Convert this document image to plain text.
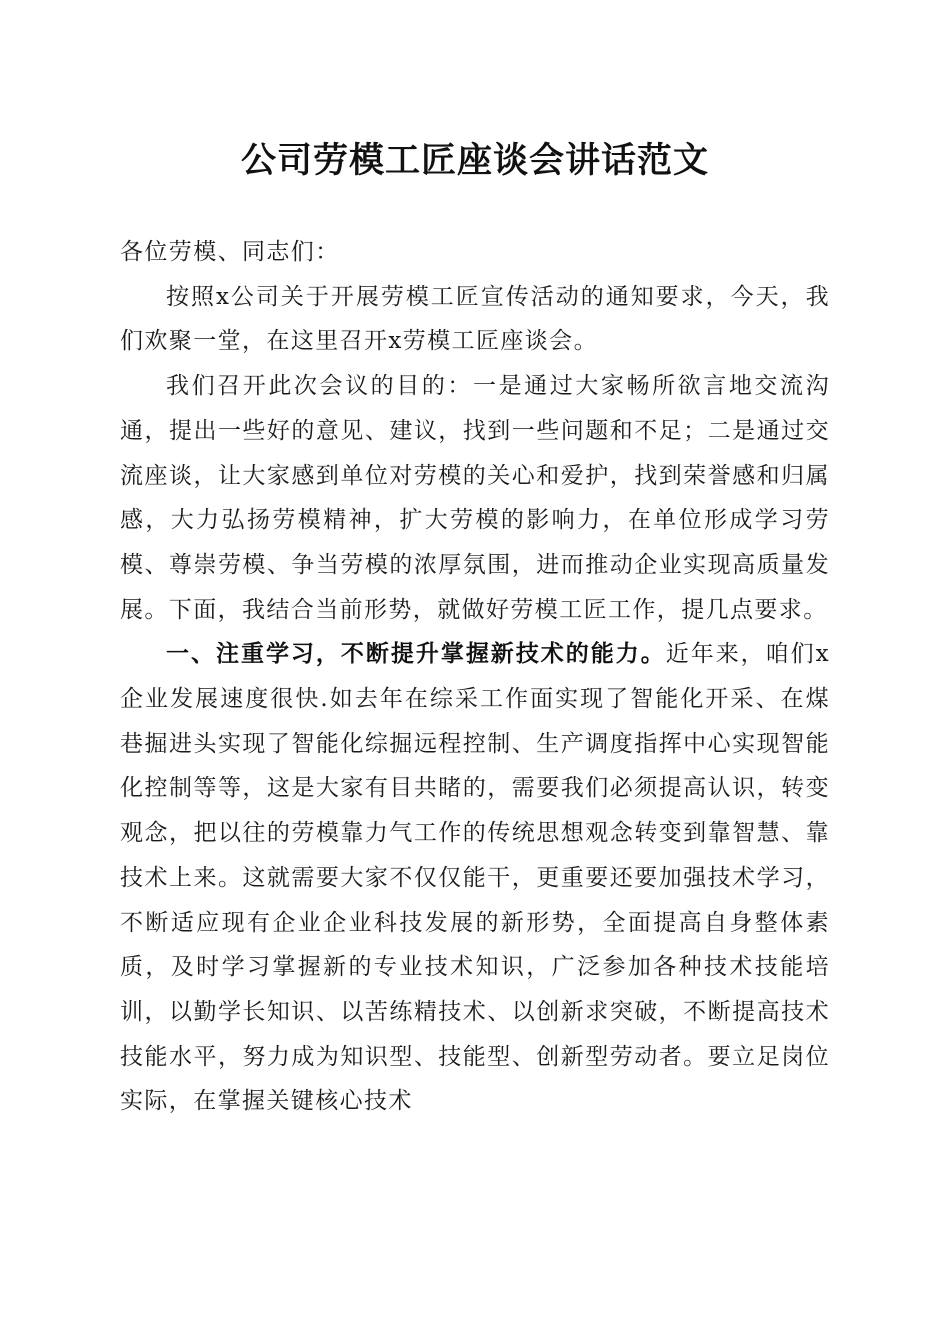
公司劳模工匠座谈会讲话范文

各位劳模、同志们：

按照x公司关于开展劳模工匠宣传活动的通知要求，今天，我们欢聚一堂，在这里召开x劳模工匠座谈会。

我们召开此次会议的目的：一是通过大家畅所欲言地交流沟通，提出一些好的意见、建议，找到一些问题和不足；二是通过交流座谈，让大家感到单位对劳模的关心和爱护，找到荣誉感和归属感，大力弘扬劳模精神，扩大劳模的影响力，在单位形成学习劳模、尊崇劳模、争当劳模的浓厚氛围，进而推动企业实现高质量发展。下面，我结合当前形势，就做好劳模工匠工作，提几点要求。

一、注重学习，不断提升掌握新技术的能力。近年来，咱们x企业发展速度很快.如去年在综采工作面实现了智能化开采、在煤巷掘进头实现了智能化综掘远程控制、生产调度指挥中心实现智能化控制等等，这是大家有目共睹的，需要我们必须提高认识，转变观念，把以往的劳模靠力气工作的传统思想观念转变到靠智慧、靠技术上来。这就需要大家不仅仅能干，更重要还要加强技术学习，不断适应现有企业企业科技发展的新形势，全面提高自身整体素质，及时学习掌握新的专业技术知识，广泛参加各种技术技能培训，以勤学长知识、以苦练精技术、以创新求突破，不断提高技术技能水平，努力成为知识型、技能型、创新型劳动者。要立足岗位实际，在掌握关键核心技术
